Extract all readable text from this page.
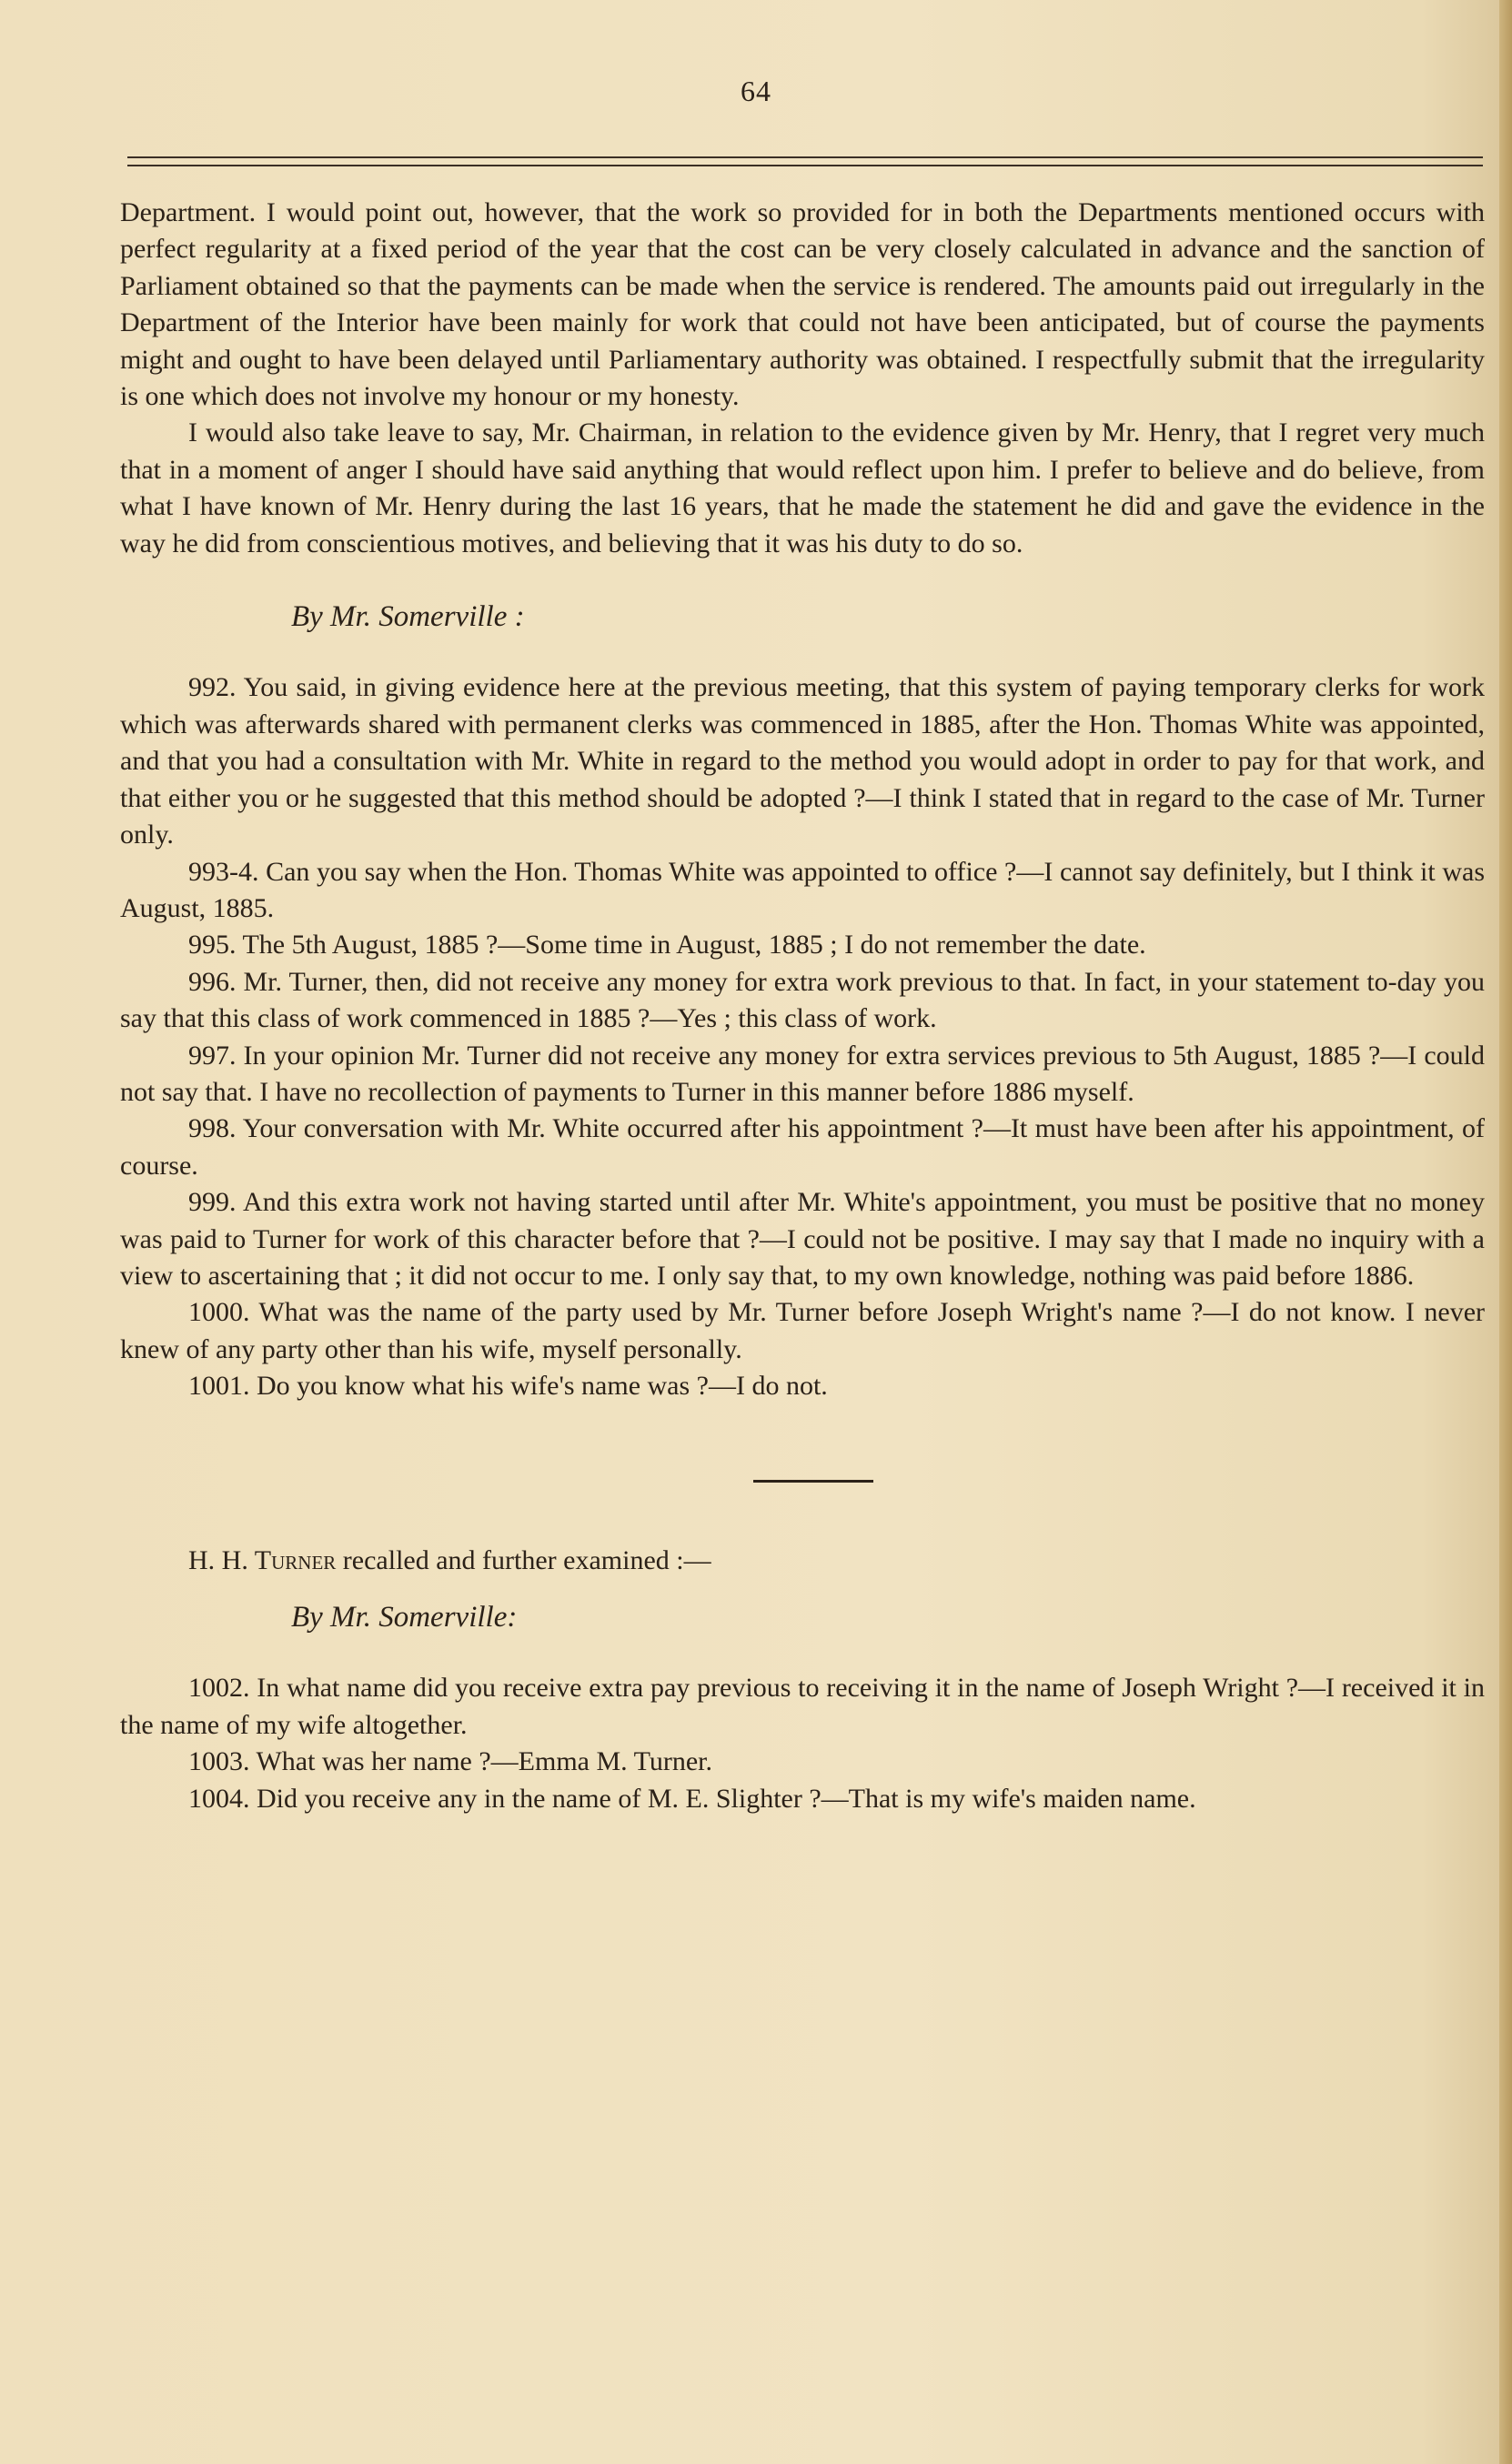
64

Department. I would point out, however, that the work so provided for in both the Departments mentioned occurs with perfect regularity at a fixed period of the year that the cost can be very closely calculated in advance and the sanction of Parliament obtained so that the payments can be made when the service is rendered. The amounts paid out irregularly in the Department of the Interior have been mainly for work that could not have been anticipated, but of course the payments might and ought to have been delayed until Parliamentary authority was obtained. I respectfully submit that the irregularity is one which does not involve my honour or my honesty.

I would also take leave to say, Mr. Chairman, in relation to the evidence given by Mr. Henry, that I regret very much that in a moment of anger I should have said anything that would reflect upon him. I prefer to believe and do believe, from what I have known of Mr. Henry during the last 16 years, that he made the statement he did and gave the evidence in the way he did from conscientious motives, and believing that it was his duty to do so.

By Mr. Somerville :

992. You said, in giving evidence here at the previous meeting, that this system of paying temporary clerks for work which was afterwards shared with permanent clerks was commenced in 1885, after the Hon. Thomas White was appointed, and that you had a consultation with Mr. White in regard to the method you would adopt in order to pay for that work, and that either you or he suggested that this method should be adopted ?—I think I stated that in regard to the case of Mr. Turner only.

993-4. Can you say when the Hon. Thomas White was appointed to office ?—I cannot say definitely, but I think it was August, 1885.

995. The 5th August, 1885 ?—Some time in August, 1885 ; I do not remember the date.

996. Mr. Turner, then, did not receive any money for extra work previous to that. In fact, in your statement to-day you say that this class of work commenced in 1885 ?—Yes ; this class of work.

997. In your opinion Mr. Turner did not receive any money for extra services previous to 5th August, 1885 ?—I could not say that. I have no recollection of payments to Turner in this manner before 1886 myself.

998. Your conversation with Mr. White occurred after his appointment ?—It must have been after his appointment, of course.

999. And this extra work not having started until after Mr. White's appointment, you must be positive that no money was paid to Turner for work of this character before that ?—I could not be positive. I may say that I made no inquiry with a view to ascertaining that ; it did not occur to me. I only say that, to my own knowledge, nothing was paid before 1886.

1000. What was the name of the party used by Mr. Turner before Joseph Wright's name ?—I do not know. I never knew of any party other than his wife, myself personally.

1001. Do you know what his wife's name was ?—I do not.

H. H. Turner recalled and further examined :—

By Mr. Somerville:

1002. In what name did you receive extra pay previous to receiving it in the name of Joseph Wright ?—I received it in the name of my wife altogether.

1003. What was her name ?—Emma M. Turner.

1004. Did you receive any in the name of M. E. Slighter ?—That is my wife's maiden name.
